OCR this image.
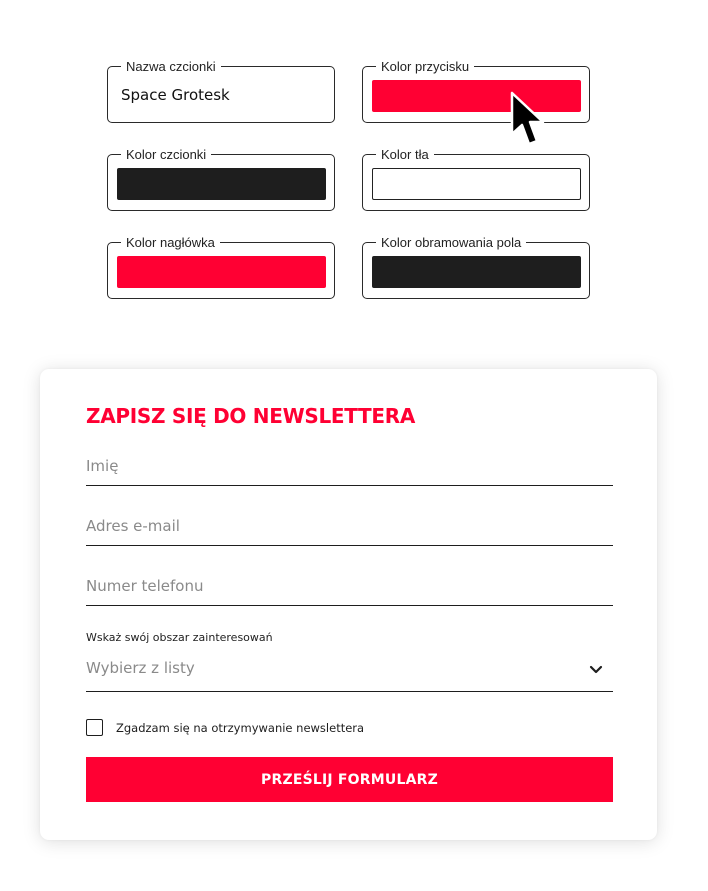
Nazwa czcionki
Space Grotesk
Kolor przycisku
Kolor czcionki	Kolor tła
Kolor nagłówka	Kolor obramowania pola
ZAPISZ SIĘ DO NEWSLETTERA
Imię
Adres e-mail
Numer telefonu
Wskaż swój obszar zainteresowań
Wybierz z listy
Zgadzam się na otrzymywanie newslettera
PRZEŚLIJ FORMULARZ
